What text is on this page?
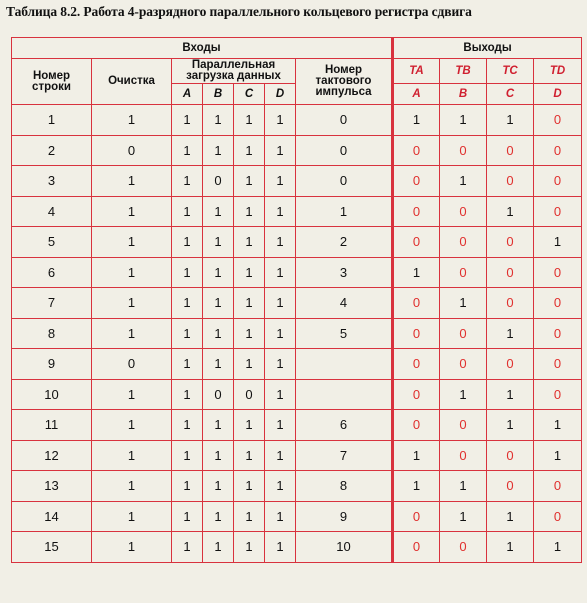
Таблица 8.2. Работа 4-разрядного параллельного кольцевого регистра сдвига
Входы							Выходы			
Номер строки	Очистка	Параллельная загрузка данных				Номер тактового импульса	TA	TB	TC	TD
		A	B	C	D		A	B	C	D
1	1	1	1	1	1	0	1	1	1	0
2	0	1	1	1	1	0	0	0	0	0
3	1	1	0	1	1	0	0	1	0	0
4	1	1	1	1	1	1	0	0	1	0
5	1	1	1	1	1	2	0	0	0	1
6	1	1	1	1	1	3	1	0	0	0
7	1	1	1	1	1	4	0	1	0	0
8	1	1	1	1	1	5	0	0	1	0
9	0	1	1	1	1		0	0	0	0
10	1	1	0	0	1		0	1	1	0
11	1	1	1	1	1	6	0	0	1	1
12	1	1	1	1	1	7	1	0	0	1
13	1	1	1	1	1	8	1	1	0	0
14	1	1	1	1	1	9	0	1	1	0
15	1	1	1	1	1	10	0	0	1	1
